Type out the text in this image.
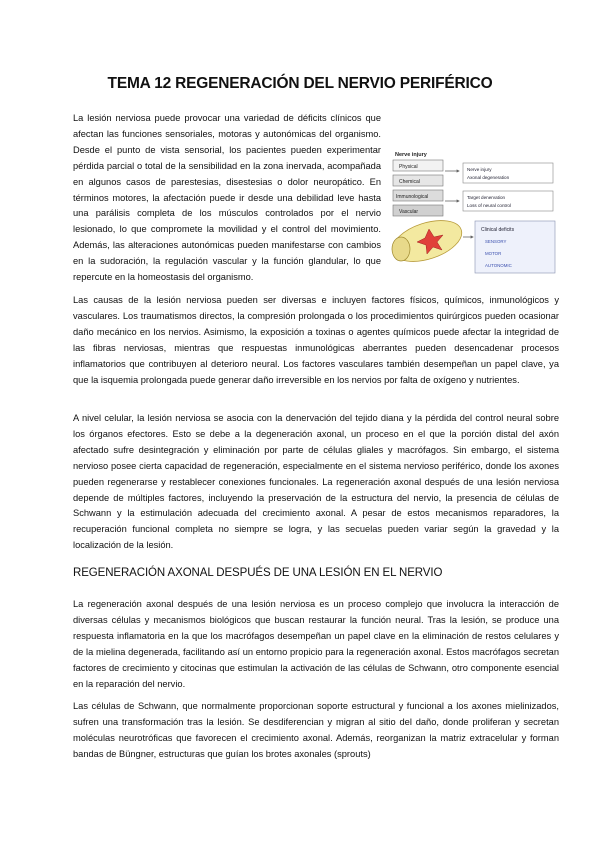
TEMA 12 REGENERACIÓN DEL NERVIO PERIFÉRICO
Nerve injury
Physical
Chemical
Immunological
Vascular
Nerve injury
Axonal degeneration
Target denervation
Loss of neural control
Clinical deficits
SENSORY
MOTOR
AUTONOMIC

La lesión nerviosa puede provocar una variedad de déficits clínicos que afectan las funciones sensoriales, motoras y autonómicas del organismo. Desde el punto de vista sensorial, los pacientes pueden experimentar pérdida parcial o total de la sensibilidad en la zona inervada, acompañada en algunos casos de parestesias, disestesias o dolor neuropático. En términos motores, la afectación puede ir desde una debilidad leve hasta una parálisis completa de los músculos controlados por el nervio lesionado, lo que compromete la movilidad y el control del movimiento. Además, las alteraciones autonómicas pueden manifestarse con cambios en la sudoración, la regulación vascular y la función glandular, lo que repercute en la homeostasis del organismo.

Las causas de la lesión nerviosa pueden ser diversas e incluyen factores físicos, químicos, inmunológicos y vasculares. Los traumatismos directos, la compresión prolongada o los procedimientos quirúrgicos pueden ocasionar daño mecánico en los nervios. Asimismo, la exposición a toxinas o agentes químicos puede afectar la integridad de las fibras nerviosas, mientras que respuestas inmunológicas aberrantes pueden desencadenar procesos inflamatorios que contribuyen al deterioro neural. Los factores vasculares también desempeñan un papel clave, ya que la isquemia prolongada puede generar daño irreversible en los nervios por falta de oxígeno y nutrientes.

A nivel celular, la lesión nerviosa se asocia con la denervación del tejido diana y la pérdida del control neural sobre los órganos efectores. Esto se debe a la degeneración axonal, un proceso en el que la porción distal del axón afectado sufre desintegración y eliminación por parte de células gliales y macrófagos. Sin embargo, el sistema nervioso posee cierta capacidad de regeneración, especialmente en el sistema nervioso periférico, donde los axones pueden regenerarse y restablecer conexiones funcionales. La regeneración axonal después de una lesión nerviosa depende de múltiples factores, incluyendo la preservación de la estructura del nervio, la presencia de células de Schwann y la estimulación adecuada del crecimiento axonal. A pesar de estos mecanismos reparadores, la recuperación funcional completa no siempre se logra, y las secuelas pueden variar según la gravedad y la localización de la lesión.

REGENERACIÓN AXONAL DESPUÉS DE UNA LESIÓN EN EL NERVIO

La regeneración axonal después de una lesión nerviosa es un proceso complejo que involucra la interacción de diversas células y mecanismos biológicos que buscan restaurar la función neural. Tras la lesión, se produce una respuesta inflamatoria en la que los macrófagos desempeñan un papel clave en la eliminación de restos celulares y de la mielina degenerada, facilitando así un entorno propicio para la regeneración axonal. Estos macrófagos secretan factores de crecimiento y citocinas que estimulan la activación de las células de Schwann, otro componente esencial en la reparación del nervio.

Las células de Schwann, que normalmente proporcionan soporte estructural y funcional a los axones mielinizados, sufren una transformación tras la lesión. Se desdiferencian y migran al sitio del daño, donde proliferan y secretan moléculas neurotróficas que favorecen el crecimiento axonal. Además, reorganizan la matriz extracelular y forman bandas de Büngner, estructuras que guían los brotes axonales (sprouts)
